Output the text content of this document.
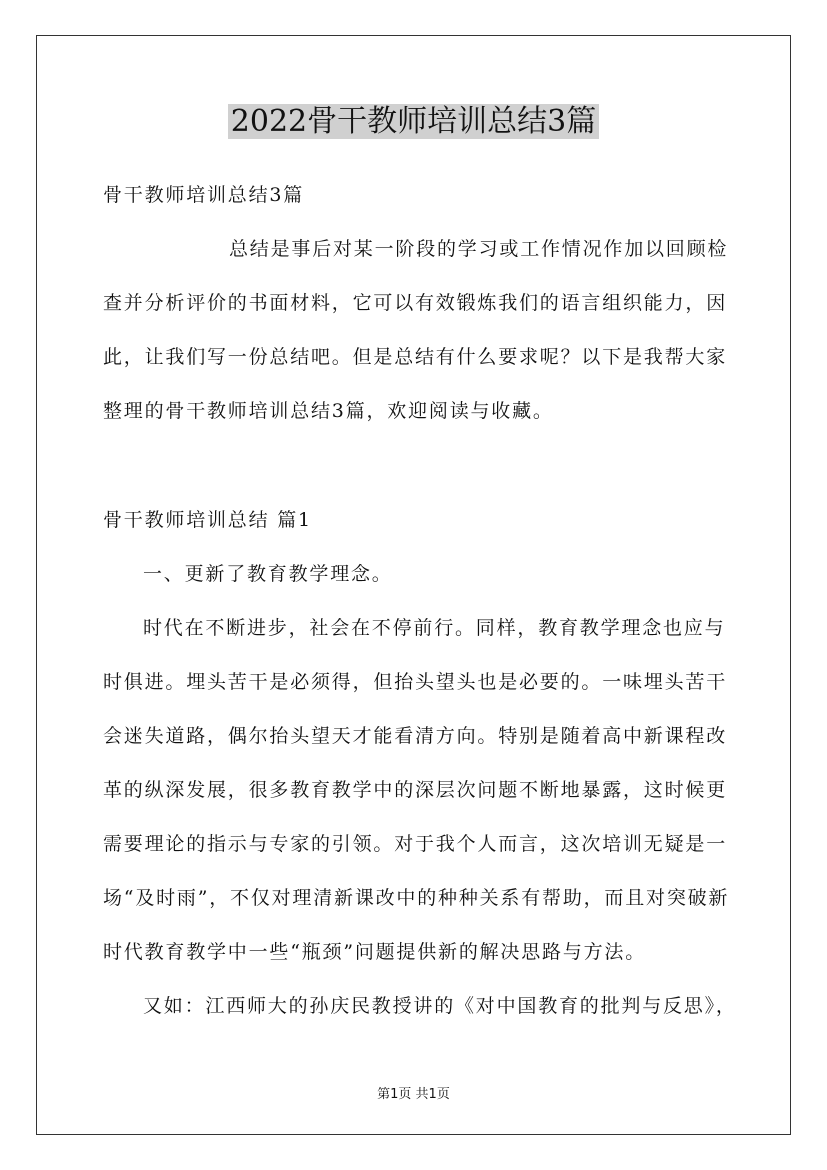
2022骨干教师培训总结3篇
骨干教师培训总结3篇
总结是事后对某一阶段的学习或工作情况作加以回顾检
查并分析评价的书面材料，它可以有效锻炼我们的语言组织能力，因
此，让我们写一份总结吧。但是总结有什么要求呢？以下是我帮大家
整理的骨干教师培训总结3篇，欢迎阅读与收藏。
骨干教师培训总结 篇1
一、更新了教育教学理念。
时代在不断进步，社会在不停前行。同样，教育教学理念也应与
时俱进。埋头苦干是必须得，但抬头望头也是必要的。一味埋头苦干
会迷失道路，偶尔抬头望天才能看清方向。特别是随着高中新课程改
革的纵深发展，很多教育教学中的深层次问题不断地暴露，这时候更
需要理论的指示与专家的引领。对于我个人而言，这次培训无疑是一
场“及时雨”，不仅对理清新课改中的种种关系有帮助，而且对突破新
时代教育教学中一些“瓶颈”问题提供新的解决思路与方法。
又如：江西师大的孙庆民教授讲的《对中国教育的批判与反思》，
第1页 共1页
